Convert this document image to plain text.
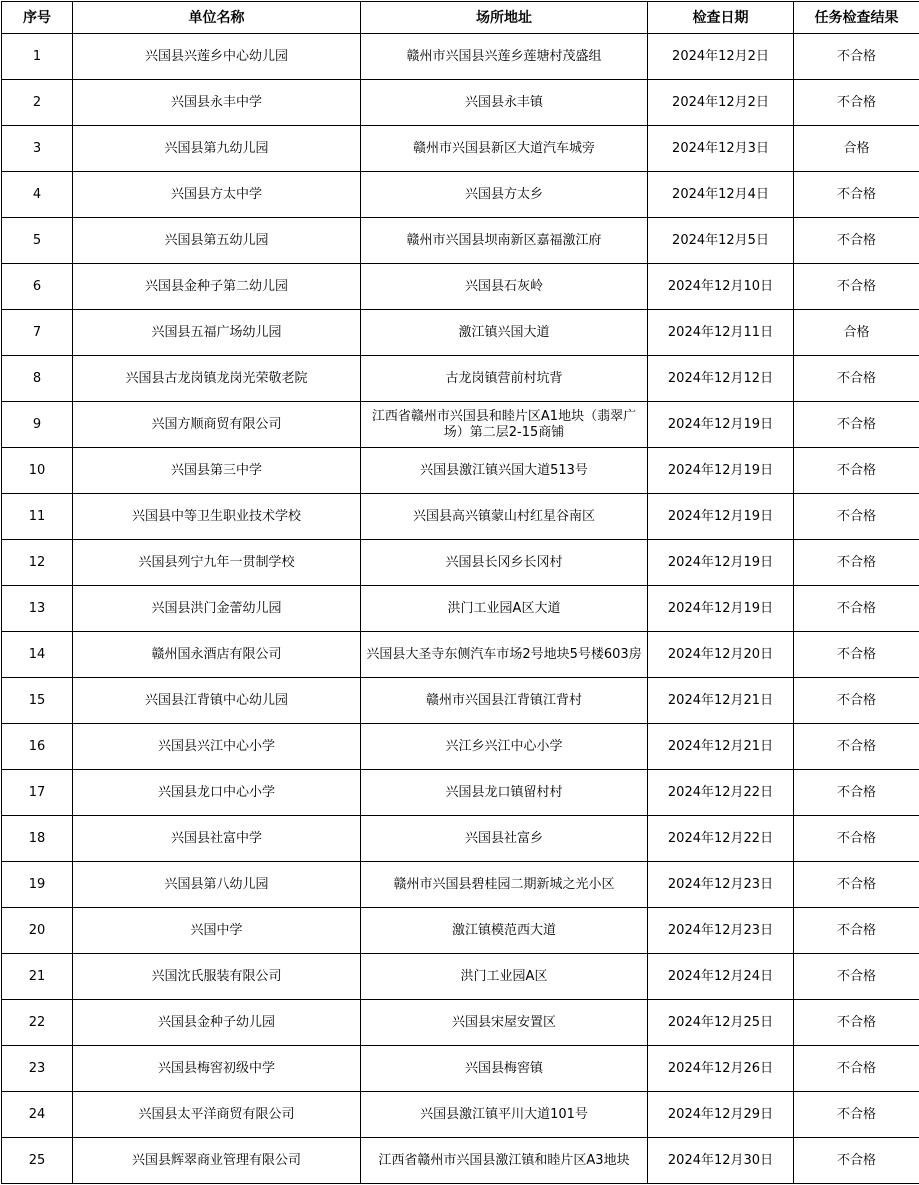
序号	单位名称	场所地址	检查日期	任务检查结果
1	兴国县兴莲乡中心幼儿园	赣州市兴国县兴莲乡莲塘村茂盛组	2024年12月2日	不合格
2	兴国县永丰中学	兴国县永丰镇	2024年12月2日	不合格
3	兴国县第九幼儿园	赣州市兴国县新区大道汽车城旁	2024年12月3日	合格
4	兴国县方太中学	兴国县方太乡	2024年12月4日	不合格
5	兴国县第五幼儿园	赣州市兴国县坝南新区嘉福激江府	2024年12月5日	不合格
6	兴国县金种子第二幼儿园	兴国县石灰岭	2024年12月10日	不合格
7	兴国县五福广场幼儿园	激江镇兴国大道	2024年12月11日	合格
8	兴国县古龙岗镇龙岗光荣敬老院	古龙岗镇营前村坑背	2024年12月12日	不合格
9	兴国方顺商贸有限公司	江西省赣州市兴国县和睦片区A1地块（翡翠广场）第二层2-15商铺	2024年12月19日	不合格
10	兴国县第三中学	兴国县激江镇兴国大道513号	2024年12月19日	不合格
11	兴国县中等卫生职业技术学校	兴国县高兴镇蒙山村红星谷南区	2024年12月19日	不合格
12	兴国县列宁九年一贯制学校	兴国县长冈乡长冈村	2024年12月19日	不合格
13	兴国县洪门金蕾幼儿园	洪门工业园A区大道	2024年12月19日	不合格
14	赣州国永酒店有限公司	兴国县大圣寺东侧汽车市场2号地块5号楼603房	2024年12月20日	不合格
15	兴国县江背镇中心幼儿园	赣州市兴国县江背镇江背村	2024年12月21日	不合格
16	兴国县兴江中心小学	兴江乡兴江中心小学	2024年12月21日	不合格
17	兴国县龙口中心小学	兴国县龙口镇留村村	2024年12月22日	不合格
18	兴国县社富中学	兴国县社富乡	2024年12月22日	不合格
19	兴国县第八幼儿园	赣州市兴国县碧桂园二期新城之光小区	2024年12月23日	不合格
20	兴国中学	激江镇模范西大道	2024年12月23日	不合格
21	兴国沈氏服装有限公司	洪门工业园A区	2024年12月24日	不合格
22	兴国县金种子幼儿园	兴国县宋屋安置区	2024年12月25日	不合格
23	兴国县梅窖初级中学	兴国县梅窖镇	2024年12月26日	不合格
24	兴国县太平洋商贸有限公司	兴国县激江镇平川大道101号	2024年12月29日	不合格
25	兴国县辉翠商业管理有限公司	江西省赣州市兴国县激江镇和睦片区A3地块	2024年12月30日	不合格
